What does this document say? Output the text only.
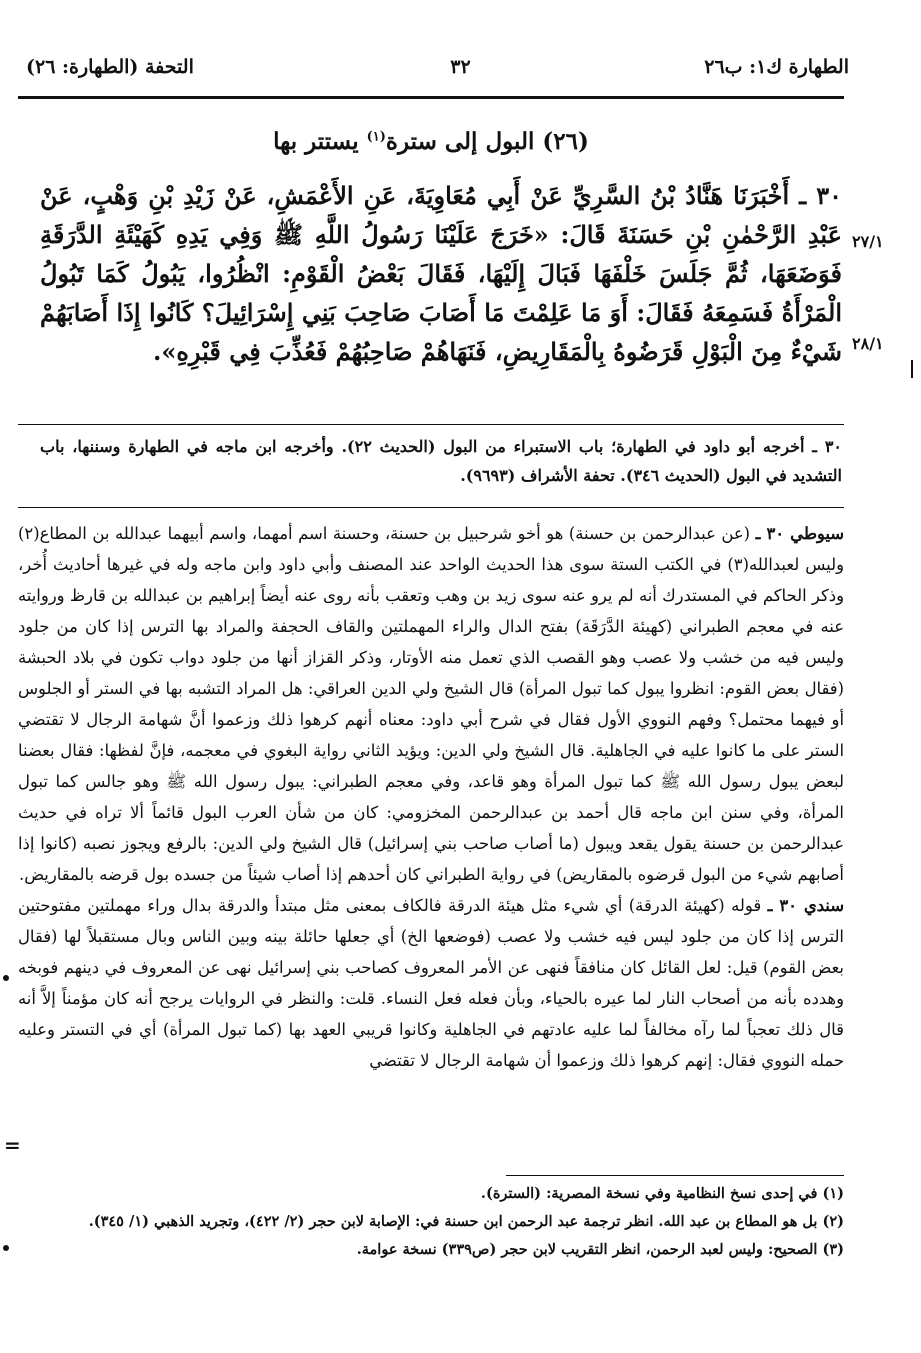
الطهارة ك١: ب٢٦
٣٢
التحفة (الطهارة: ٢٦)
(٢٦) البول إلى سترة$^{(١)}$ يستتر بها
٣٠ ـ أَخْبَرَنَا هَنَّادُ بْنُ السَّرِيِّ عَنْ أَبِي مُعَاوِيَةَ، عَنِ الأَعْمَشِ، عَنْ زَيْدِ بْنِ وَهْبٍ، عَنْ عَبْدِ الرَّحْمٰنِ بْنِ حَسَنَةَ قَالَ: «خَرَجَ عَلَيْنَا رَسُولُ اللَّهِ ﷺ وَفِي يَدِهِ كَهَيْئَةِ الدَّرَقَةِ فَوَضَعَهَا، ثُمَّ جَلَسَ خَلْفَهَا فَبَالَ إِلَيْهَا، فَقَالَ بَعْضُ الْقَوْمِ: انْظُرُوا، يَبُولُ كَمَا تَبُولُ الْمَرْأَةُ فَسَمِعَهُ فَقَالَ: أَوَ مَا عَلِمْتَ مَا أَصَابَ صَاحِبَ بَنِي إِسْرَائِيلَ؟ كَانُوا إِذَا أَصَابَهُمْ شَيْءٌ مِنَ الْبَوْلِ قَرَضُوهُ بِالْمَقَارِيضِ، فَنَهَاهُمْ صَاحِبُهُمْ فَعُذِّبَ فِي قَبْرِهِ».
٢٧/١
٢٨/١
٣٠ ـ أخرجه أبو داود في الطهارة؛ باب الاستبراء من البول (الحديث ٢٢). وأخرجه ابن ماجه في الطهارة وسننها، باب التشديد في البول (الحديث ٣٤٦). تحفة الأشراف (٩٦٩٣).

سيوطي ٣٠ ـ (عن عبدالرحمن بن حسنة) هو أخو شرحبيل بن حسنة، وحسنة اسم أمهما، واسم أبيهما عبدالله بن المطاع(٢) وليس لعبدالله(٣) في الكتب الستة سوى هذا الحديث الواحد عند المصنف وأبي داود وابن ماجه وله في غيرها أحاديث أُخر، وذكر الحاكم في المستدرك أنه لم يرو عنه سوى زيد بن وهب وتعقب بأنه روى عنه أيضاً إبراهيم بن عبدالله بن قارظ وروايته عنه في معجم الطبراني (كهيئة الدَّرَقَة) بفتح الدال والراء المهملتين والقاف الحجفة والمراد بها الترس إذا كان من جلود وليس فيه من خشب ولا عصب وهو القصب الذي تعمل منه الأوتار، وذكر القزاز أنها من جلود دواب تكون في بلاد الحبشة (فقال بعض القوم: انظروا يبول كما تبول المرأة) قال الشيخ ولي الدين العراقي: هل المراد التشبه بها في الستر أو الجلوس أو فيهما محتمل؟ وفهم النووي الأول فقال في شرح أبي داود: معناه أنهم كرهوا ذلك وزعموا أنَّ شهامة الرجال لا تقتضي الستر على ما كانوا عليه في الجاهلية. قال الشيخ ولي الدين: ويؤيد الثاني رواية البغوي في معجمه، فإنَّ لفظها: فقال بعضنا لبعض يبول رسول الله ﷺ كما تبول المرأة وهو قاعد، وفي معجم الطبراني: يبول رسول الله ﷺ وهو جالس كما تبول المرأة، وفي سنن ابن ماجه قال أحمد بن عبدالرحمن المخزومي: كان من شأن العرب البول قائماً ألا تراه في حديث عبدالرحمن بن حسنة يقول يقعد ويبول (ما أصاب صاحب بني إسرائيل) قال الشيخ ولي الدين: بالرفع ويجوز نصبه (كانوا إذا أصابهم شيء من البول قرضوه بالمقاريض) في رواية الطبراني كان أحدهم إذا أصاب شيئاً من جسده بول قرضه بالمقاريض.

سندي ٣٠ ـ قوله (كهيئة الدرقة) أي شيء مثل هيئة الدرقة فالكاف بمعنى مثل مبتدأ والدرقة بدال وراء مهملتين مفتوحتين الترس إذا كان من جلود ليس فيه خشب ولا عصب (فوضعها الخ) أي جعلها حائلة بينه وبين الناس وبال مستقبلاً لها (فقال بعض القوم) قيل: لعل القائل كان منافقاً فنهى عن الأمر المعروف كصاحب بني إسرائيل نهى عن المعروف في دينهم فوبخه وهدده بأنه من أصحاب النار لما عيره بالحياء، وبأن فعله فعل النساء. قلت: والنظر في الروايات يرجح أنه كان مؤمناً إلاَّ أنه قال ذلك تعجباً لما رآه مخالفاً لما عليه عادتهم في الجاهلية وكانوا قريبي العهد بها (كما تبول المرأة) أي في التستر وعليه حمله النووي فقال: إنهم كرهوا ذلك وزعموا أن شهامة الرجال لا تقتضي

=
(١) في إحدى نسخ النظامية وفي نسخة المصرية: (السترة).
(٢) بل هو المطاع بن عبد الله. انظر ترجمة عبد الرحمن ابن حسنة في: الإصابة لابن حجر (٢/ ٤٢٢)، وتجريد الذهبي (١/ ٣٤٥).
(٣) الصحيح: وليس لعبد الرحمن، انظر التقريب لابن حجر (ص٣٣٩) نسخة عوامة.
